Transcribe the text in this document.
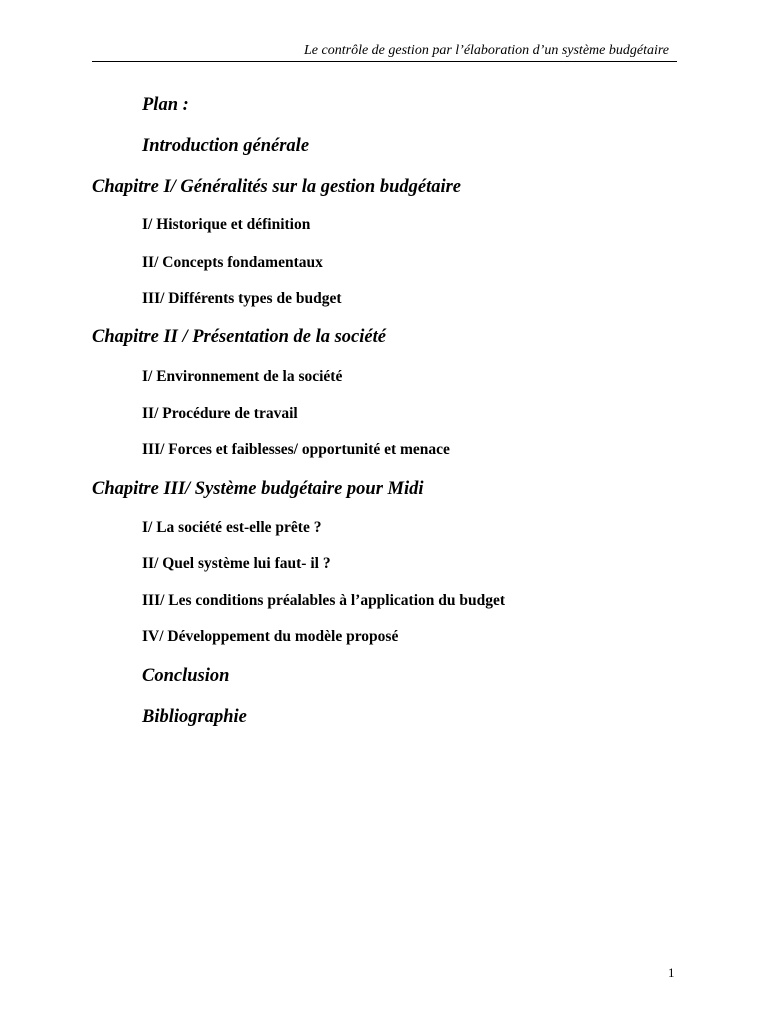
Le contrôle de gestion par l’élaboration d’un système budgétaire
Plan :
Introduction générale
Chapitre I/ Généralités sur la gestion budgétaire
I/ Historique et définition
II/ Concepts fondamentaux
III/ Différents types de budget
Chapitre II / Présentation de la société
I/ Environnement de la société
II/ Procédure de travail
III/ Forces et faiblesses/ opportunité et menace
Chapitre III/ Système budgétaire pour Midi
I/ La société est-elle prête ?
II/ Quel système lui faut- il ?
III/ Les conditions préalables à l’application du budget
IV/ Développement du modèle proposé
Conclusion
Bibliographie
1
